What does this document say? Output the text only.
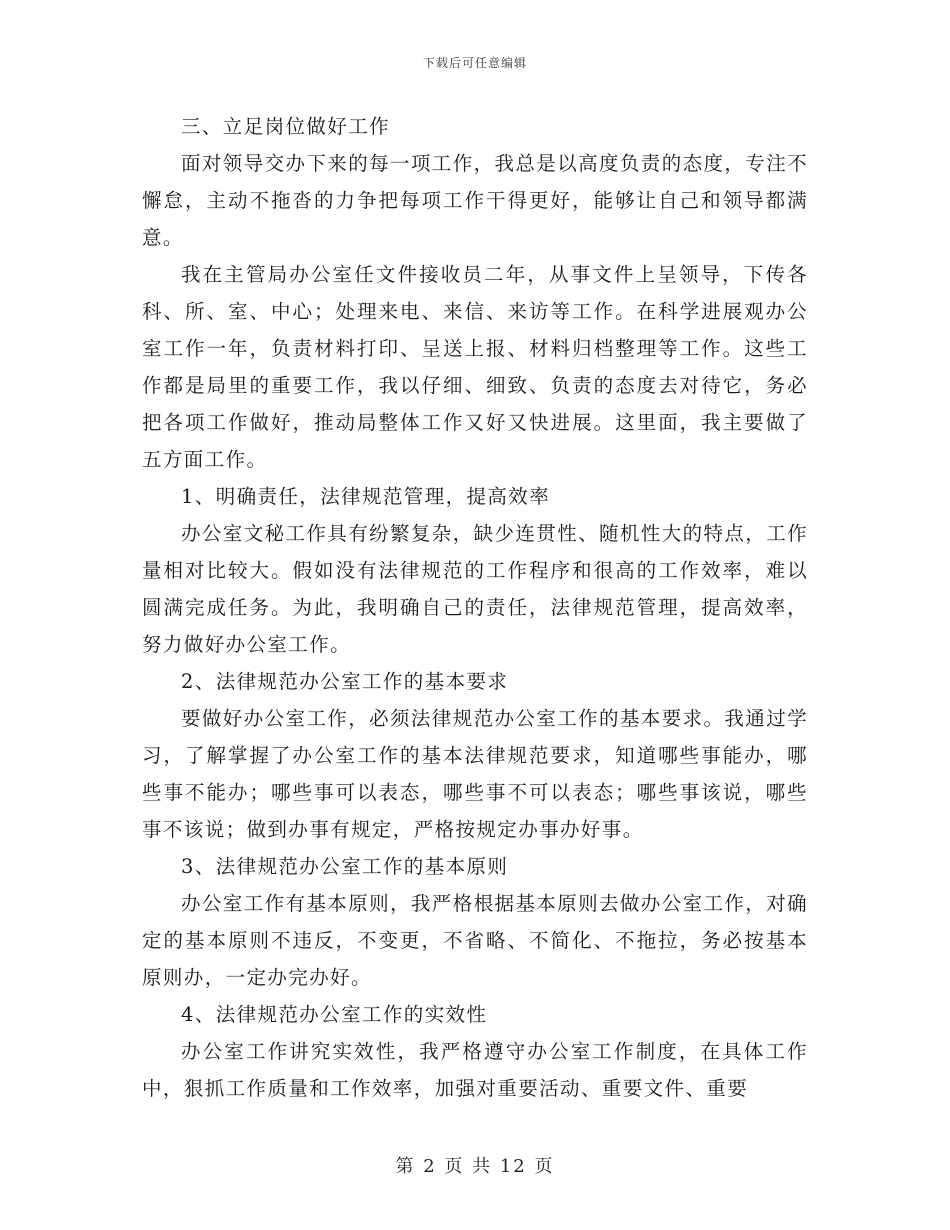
下载后可任意编辑

三、立足岗位做好工作

面对领导交办下来的每一项工作，我总是以高度负责的态度，专注不懈怠，主动不拖沓的力争把每项工作干得更好，能够让自己和领导都满意。

我在主管局办公室任文件接收员二年，从事文件上呈领导，下传各科、所、室、中心；处理来电、来信、来访等工作。在科学进展观办公室工作一年，负责材料打印、呈送上报、材料归档整理等工作。这些工作都是局里的重要工作，我以仔细、细致、负责的态度去对待它，务必把各项工作做好，推动局整体工作又好又快进展。这里面，我主要做了五方面工作。

1、明确责任，法律规范管理，提高效率

办公室文秘工作具有纷繁复杂，缺少连贯性、随机性大的特点，工作量相对比较大。假如没有法律规范的工作程序和很高的工作效率，难以圆满完成任务。为此，我明确自己的责任，法律规范管理，提高效率，努力做好办公室工作。

2、法律规范办公室工作的基本要求

要做好办公室工作，必须法律规范办公室工作的基本要求。我通过学习，了解掌握了办公室工作的基本法律规范要求，知道哪些事能办，哪些事不能办；哪些事可以表态，哪些事不可以表态；哪些事该说，哪些事不该说；做到办事有规定，严格按规定办事办好事。

3、法律规范办公室工作的基本原则

办公室工作有基本原则，我严格根据基本原则去做办公室工作，对确定的基本原则不违反，不变更，不省略、不简化、不拖拉，务必按基本原则办，一定办完办好。

4、法律规范办公室工作的实效性

办公室工作讲究实效性，我严格遵守办公室工作制度，在具体工作中，狠抓工作质量和工作效率，加强对重要活动、重要文件、重要

第 2 页 共 12 页
